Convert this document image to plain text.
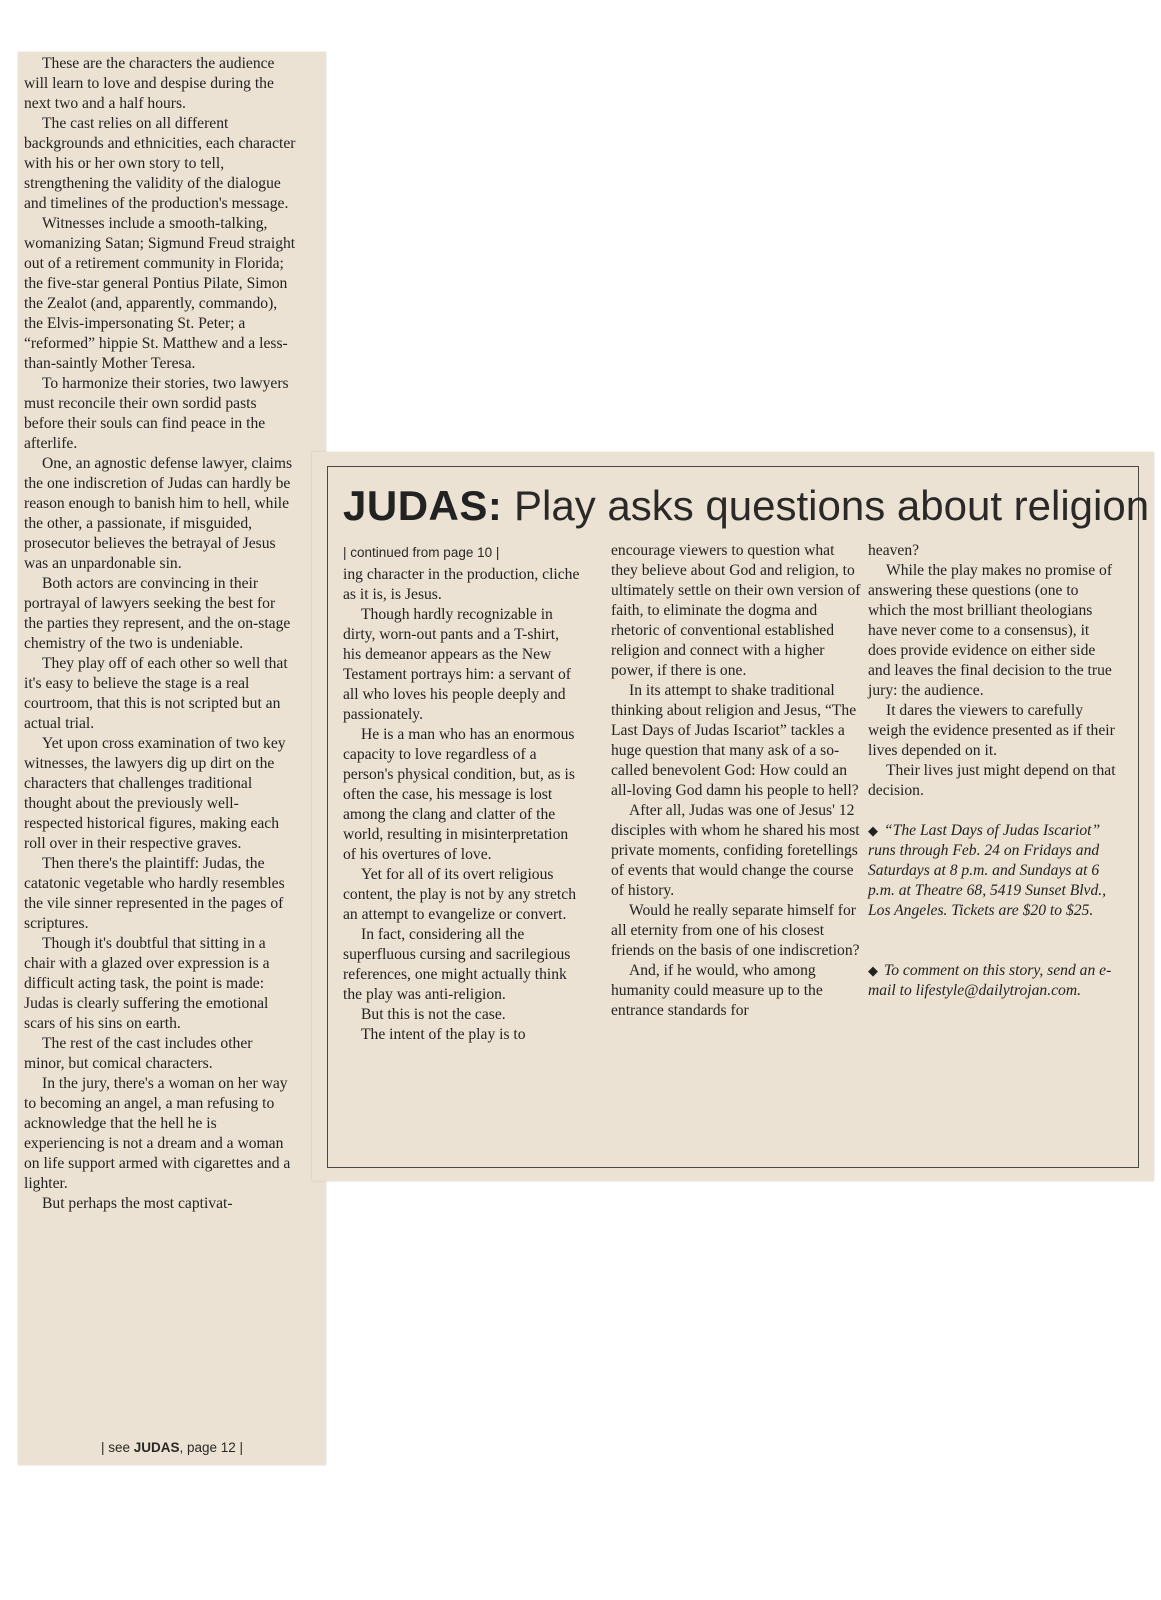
These are the characters the audience will learn to love and despise during the next two and a half hours.

The cast relies on all different backgrounds and ethnicities, each character with his or her own story to tell, strengthening the validity of the dialogue and timelines of the production's message.

Witnesses include a smooth-talking, womanizing Satan; Sigmund Freud straight out of a retirement community in Florida; the five-star general Pontius Pilate, Simon the Zealot (and, apparently, commando), the Elvis-impersonating St. Peter; a “reformed” hippie St. Matthew and a less-than-saintly Mother Teresa.

To harmonize their stories, two lawyers must reconcile their own sordid pasts before their souls can find peace in the afterlife.

One, an agnostic defense lawyer, claims the one indiscretion of Judas can hardly be reason enough to banish him to hell, while the other, a passionate, if misguided, prosecutor believes the betrayal of Jesus was an unpardonable sin.

Both actors are convincing in their portrayal of lawyers seeking the best for the parties they represent, and the on-stage chemistry of the two is undeniable.

They play off of each other so well that it's easy to believe the stage is a real courtroom, that this is not scripted but an actual trial.

Yet upon cross examination of two key witnesses, the lawyers dig up dirt on the characters that challenges traditional thought about the previously well-respected historical figures, making each roll over in their respective graves.

Then there's the plaintiff: Judas, the catatonic vegetable who hardly resembles the vile sinner represented in the pages of scriptures.

Though it's doubtful that sitting in a chair with a glazed over expression is a difficult acting task, the point is made: Judas is clearly suffering the emotional scars of his sins on earth.

The rest of the cast includes other minor, but comical characters.

In the jury, there's a woman on her way to becoming an angel, a man refusing to acknowledge that the hell he is experiencing is not a dream and a woman on life support armed with cigarettes and a lighter.

But perhaps the most captivat-

| see JUDAS, page 12 |
JUDAS: Play asks questions about religion
| continued from page 10 |

ing character in the production, cliche as it is, is Jesus.

Though hardly recognizable in dirty, worn-out pants and a T-shirt, his demeanor appears as the New Testament portrays him: a servant of all who loves his people deeply and passionately.

He is a man who has an enormous capacity to love regardless of a person's physical condition, but, as is often the case, his message is lost among the clang and clatter of the world, resulting in misinterpretation of his overtures of love.

Yet for all of its overt religious content, the play is not by any stretch an attempt to evangelize or convert.

In fact, considering all the superfluous cursing and sacrilegious references, one might actually think the play was anti-religion.

But this is not the case.

The intent of the play is to

encourage viewers to question what they believe about God and religion, to ultimately settle on their own version of faith, to eliminate the dogma and rhetoric of conventional established religion and connect with a higher power, if there is one.

In its attempt to shake traditional thinking about religion and Jesus, “The Last Days of Judas Iscariot” tackles a huge question that many ask of a so-called benevolent God: How could an all-loving God damn his people to hell?

After all, Judas was one of Jesus' 12 disciples with whom he shared his most private moments, confiding foretellings of events that would change the course of history.

Would he really separate himself for all eternity from one of his closest friends on the basis of one indiscretion?

And, if he would, who among humanity could measure up to the entrance standards for

heaven?

While the play makes no promise of answering these questions (one to which the most brilliant theologians have never come to a consensus), it does provide evidence on either side and leaves the final decision to the true jury: the audience.

It dares the viewers to carefully weigh the evidence presented as if their lives depended on it.

Their lives just might depend on that decision.

◆ “The Last Days of Judas Iscariot” runs through Feb. 24 on Fridays and Saturdays at 8 p.m. and Sundays at 6 p.m. at Theatre 68, 5419 Sunset Blvd., Los Angeles. Tickets are $20 to $25.

◆ To comment on this story, send an e-mail to lifestyle@dailytrojan.com.
